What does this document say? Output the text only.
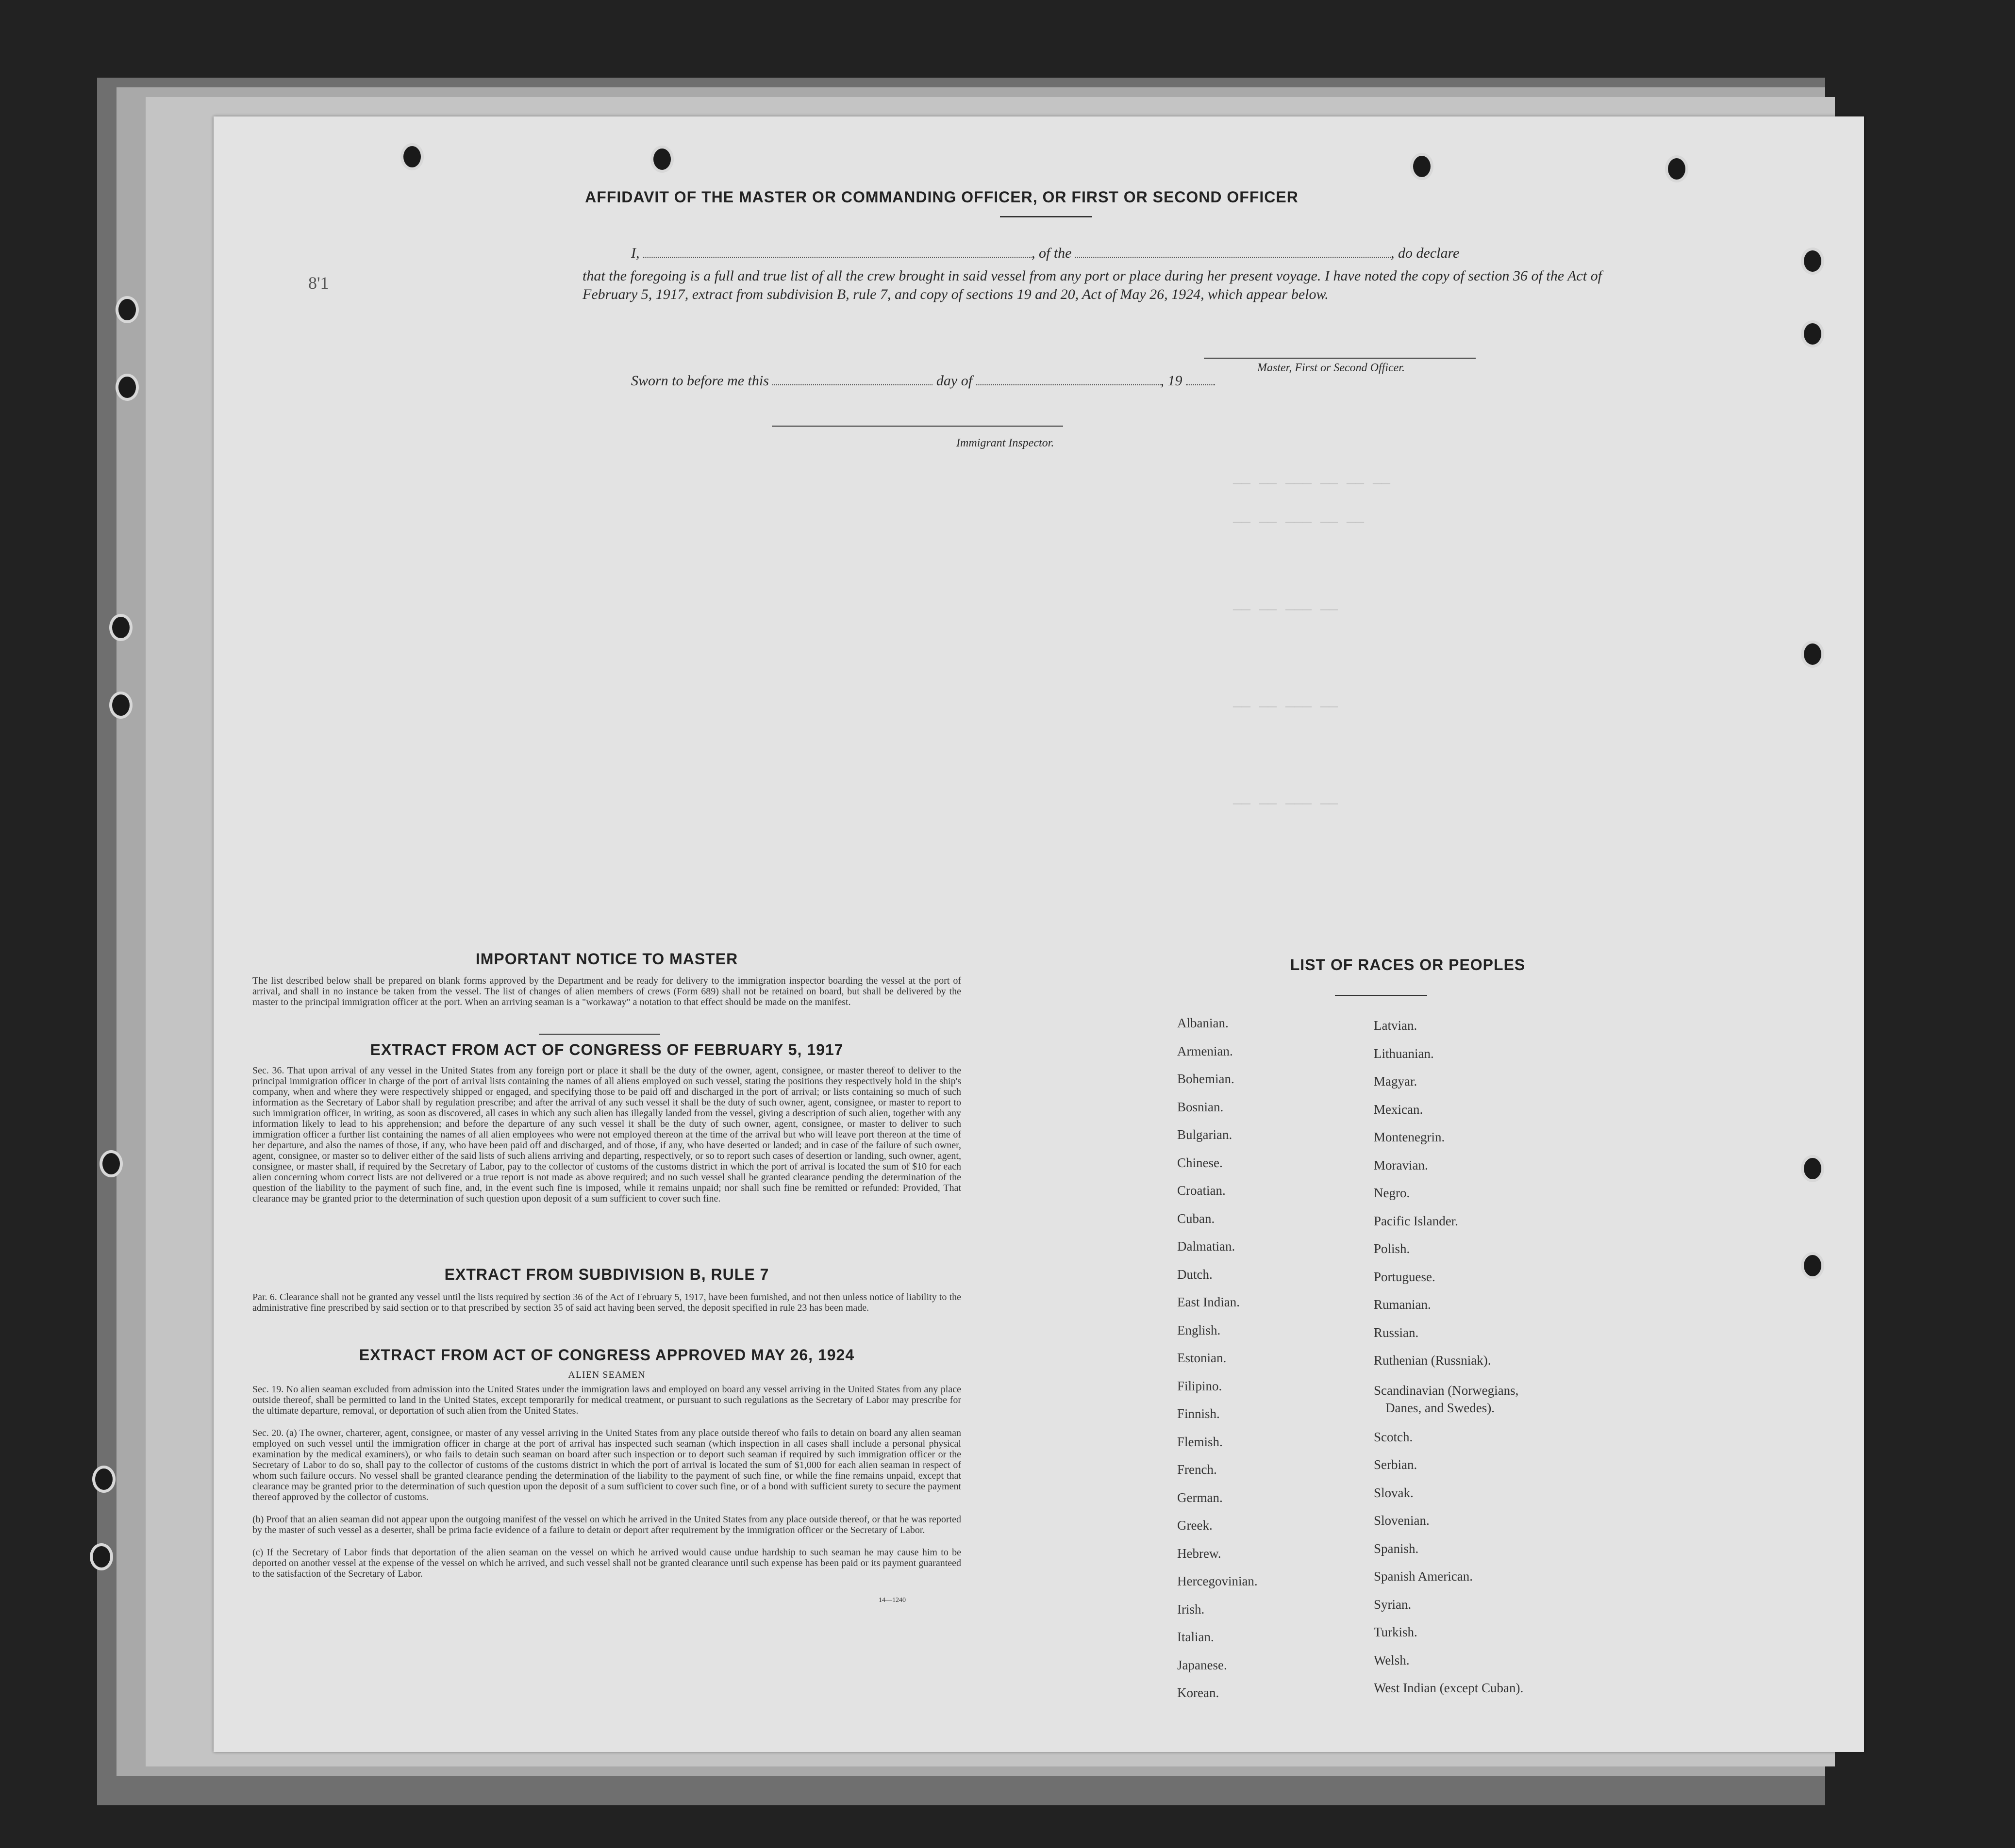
—— —— ——— —— —— ——
—— —— ——— —— ——
—— —— ——— ——
—— —— ——— ——
—— —— ——— ——
AFFIDAVIT OF THE MASTER OR COMMANDING OFFICER, OR FIRST OR SECOND OFFICER
8'1
I,	, of the	, do declare
that the foregoing is a full and true list of all the crew brought in said vessel from any port or place during her present voyage. I have noted the copy of section 36 of the Act of February 5, 1917, extract from subdivision B, rule 7, and copy of sections 19 and 20, Act of May 26, 1924, which appear below.
Master, First or Second Officer.
Sworn to before me this	day of	, 19
Immigrant Inspector.
IMPORTANT NOTICE TO MASTER
The list described below shall be prepared on blank forms approved by the Department and be ready for delivery to the immigration inspector boarding the vessel at the port of arrival, and shall in no instance be taken from the vessel. The list of changes of alien members of crews (Form 689) shall not be retained on board, but shall be delivered by the master to the principal immigration officer at the port. When an arriving seaman is a "workaway" a notation to that effect should be made on the manifest.
EXTRACT FROM ACT OF CONGRESS OF FEBRUARY 5, 1917
Sec. 36. That upon arrival of any vessel in the United States from any foreign port or place it shall be the duty of the owner, agent, consignee, or master thereof to deliver to the principal immigration officer in charge of the port of arrival lists containing the names of all aliens employed on such vessel, stating the positions they respectively hold in the ship's company, when and where they were respectively shipped or engaged, and specifying those to be paid off and discharged in the port of arrival; or lists containing so much of such information as the Secretary of Labor shall by regulation prescribe; and after the arrival of any such vessel it shall be the duty of such owner, agent, consignee, or master to report to such immigration officer, in writing, as soon as discovered, all cases in which any such alien has illegally landed from the vessel, giving a description of such alien, together with any information likely to lead to his apprehension; and before the departure of any such vessel it shall be the duty of such owner, agent, consignee, or master to deliver to such immigration officer a further list containing the names of all alien employees who were not employed thereon at the time of the arrival but who will leave port thereon at the time of her departure, and also the names of those, if any, who have been paid off and discharged, and of those, if any, who have deserted or landed; and in case of the failure of such owner, agent, consignee, or master so to deliver either of the said lists of such aliens arriving and departing, respectively, or so to report such cases of desertion or landing, such owner, agent, consignee, or master shall, if required by the Secretary of Labor, pay to the collector of customs of the customs district in which the port of arrival is located the sum of $10 for each alien concerning whom correct lists are not delivered or a true report is not made as above required; and no such vessel shall be granted clearance pending the determination of the question of the liability to the payment of such fine, and, in the event such fine is imposed, while it remains unpaid; nor shall such fine be remitted or refunded: Provided, That clearance may be granted prior to the determination of such question upon deposit of a sum sufficient to cover such fine.
EXTRACT FROM SUBDIVISION B, RULE 7
Par. 6. Clearance shall not be granted any vessel until the lists required by section 36 of the Act of February 5, 1917, have been furnished, and not then unless notice of liability to the administrative fine prescribed by said section or to that prescribed by section 35 of said act having been served, the deposit specified in rule 23 has been made.
EXTRACT FROM ACT OF CONGRESS APPROVED MAY 26, 1924
ALIEN SEAMEN
Sec. 19. No alien seaman excluded from admission into the United States under the immigration laws and employed on board any vessel arriving in the United States from any place outside thereof, shall be permitted to land in the United States, except temporarily for medical treatment, or pursuant to such regulations as the Secretary of Labor may prescribe for the ultimate departure, removal, or deportation of such alien from the United States.
Sec. 20. (a) The owner, charterer, agent, consignee, or master of any vessel arriving in the United States from any place outside thereof who fails to detain on board any alien seaman employed on such vessel until the immigration officer in charge at the port of arrival has inspected such seaman (which inspection in all cases shall include a personal physical examination by the medical examiners), or who fails to detain such seaman on board after such inspection or to deport such seaman if required by such immigration officer or the Secretary of Labor to do so, shall pay to the collector of customs of the customs district in which the port of arrival is located the sum of $1,000 for each alien seaman in respect of whom such failure occurs. No vessel shall be granted clearance pending the determination of the liability to the payment of such fine, or while the fine remains unpaid, except that clearance may be granted prior to the determination of such question upon the deposit of a sum sufficient to cover such fine, or of a bond with sufficient surety to secure the payment thereof approved by the collector of customs.
(b) Proof that an alien seaman did not appear upon the outgoing manifest of the vessel on which he arrived in the United States from any place outside thereof, or that he was reported by the master of such vessel as a deserter, shall be prima facie evidence of a failure to detain or deport after requirement by the immigration officer or the Secretary of Labor.
(c) If the Secretary of Labor finds that deportation of the alien seaman on the vessel on which he arrived would cause undue hardship to such seaman he may cause him to be deported on another vessel at the expense of the vessel on which he arrived, and such vessel shall not be granted clearance until such expense has been paid or its payment guaranteed to the satisfaction of the Secretary of Labor.
14—1240
LIST OF RACES OR PEOPLES
Albanian.
Armenian.
Bohemian.
Bosnian.
Bulgarian.
Chinese.
Croatian.
Cuban.
Dalmatian.
Dutch.
East Indian.
English.
Estonian.
Filipino.
Finnish.
Flemish.
French.
German.
Greek.
Hebrew.
Hercegovinian.
Irish.
Italian.
Japanese.
Korean.
Latvian.
Lithuanian.
Magyar.
Mexican.
Montenegrin.
Moravian.
Negro.
Pacific Islander.
Polish.
Portuguese.
Rumanian.
Russian.
Ruthenian (Russniak).
Scandinavian (Norwegians,
Danes, and Swedes).
Scotch.
Serbian.
Slovak.
Slovenian.
Spanish.
Spanish American.
Syrian.
Turkish.
Welsh.
West Indian (except Cuban).
